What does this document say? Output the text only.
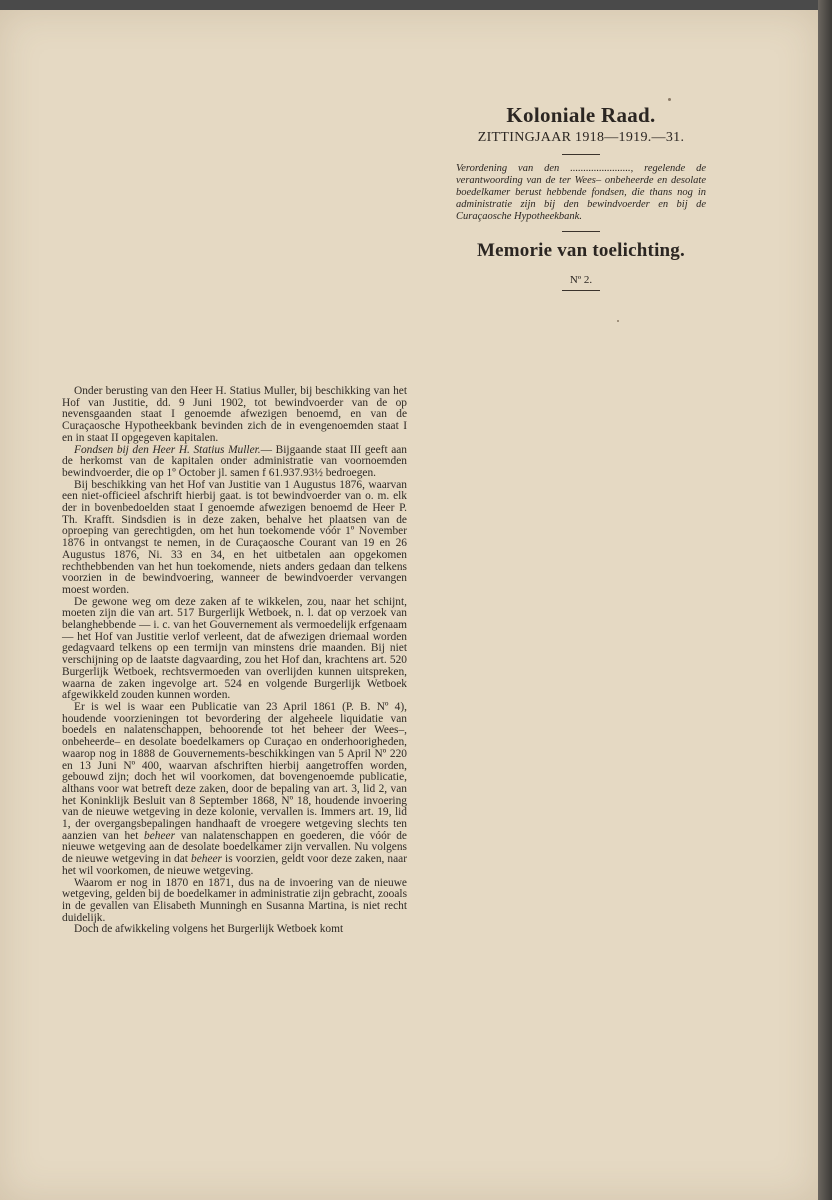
Koloniale Raad.
ZITTINGJAAR 1918—1919.—31.
Verordening van den ......................., regelende de verantwoording van de ter Wees– onbeheerde en desolate boedelkamer berust hebbende fondsen, die thans nog in administratie zijn bij den bewindvoerder en bij de Curaçaosche Hypotheekbank.
Memorie van toelichting.
Nº 2.

Onder berusting van den Heer H. Statius Muller, bij beschikking van het Hof van Justitie, dd. 9 Juni 1902, tot bewindvoerder van de op nevensgaanden staat I genoemde afwezigen benoemd, en van de Curaçaosche Hypotheekbank bevinden zich de in evengenoemden staat I en in staat II opgegeven kapitalen.

Fondsen bij den Heer H. Statius Muller.— Bijgaande staat III geeft aan de herkomst van de kapitalen onder administratie van voornoemden bewindvoerder, die op 1º October jl. samen f 61.937.93½ bedroegen.

Bij beschikking van het Hof van Justitie van 1 Augustus 1876, waarvan een niet-officieel afschrift hierbij gaat. is tot bewindvoerder van o. m. elk der in bovenbedoelden staat I genoemde afwezigen benoemd de Heer P. Th. Krafft. Sindsdien is in deze zaken, behalve het plaatsen van de oproeping van gerechtigden, om het hun toekomende vóór 1º November 1876 in ontvangst te nemen, in de Curaçaosche Courant van 19 en 26 Augustus 1876, Ni. 33 en 34, en het uitbetalen aan opgekomen rechthebbenden van het hun toekomende, niets anders gedaan dan telkens voorzien in de bewindvoering, wanneer de bewindvoerder vervangen moest worden.

De gewone weg om deze zaken af te wikkelen, zou, naar het schijnt, moeten zijn die van art. 517 Burgerlijk Wetboek, n. l. dat op verzoek van belanghebbende — i. c. van het Gouvernement als vermoedelijk erfgenaam — het Hof van Justitie verlof verleent, dat de afwezigen driemaal worden gedagvaard telkens op een termijn van minstens drie maanden. Bij niet verschijning op de laatste dagvaarding, zou het Hof dan, krachtens art. 520 Burgerlijk Wetboek, rechtsvermoeden van overlijden kunnen uitspreken, waarna de zaken ingevolge art. 524 en volgende Burgerlijk Wetboek afgewikkeld zouden kunnen worden.

Er is wel is waar een Publicatie van 23 April 1861 (P. B. Nº 4), houdende voorzieningen tot bevordering der algeheele liquidatie van boedels en nalatenschappen, behoorende tot het beheer der Wees–, onbeheerde– en desolate boedelkamers op Curaçao en onderhoorigheden, waarop nog in 1888 de Gouvernements-beschikkingen van 5 April Nº 220 en 13 Juni Nº 400, waarvan afschriften hierbij aangetroffen worden, gebouwd zijn; doch het wil voorkomen, dat bovengenoemde publicatie, althans voor wat betreft deze zaken, door de bepaling van art. 3, lid 2, van het Koninklijk Besluit van 8 September 1868, Nº 18, houdende invoering van de nieuwe wetgeving in deze kolonie, vervallen is. Immers art. 19, lid 1, der overgangsbepalingen handhaaft de vroegere wetgeving slechts ten aanzien van het beheer van nalatenschappen en goederen, die vóór de nieuwe wetgeving aan de desolate boedelkamer zijn vervallen. Nu volgens de nieuwe wetgeving in dat beheer is voorzien, geldt voor deze zaken, naar het wil voorkomen, de nieuwe wetgeving.

Waarom er nog in 1870 en 1871, dus na de invoering van de nieuwe wetgeving, gelden bij de boedelkamer in administratie zijn gebracht, zooals in de gevallen van Elisabeth Munningh en Susanna Martina, is niet recht duidelijk.

Doch de afwikkeling volgens het Burgerlijk Wetboek komt
